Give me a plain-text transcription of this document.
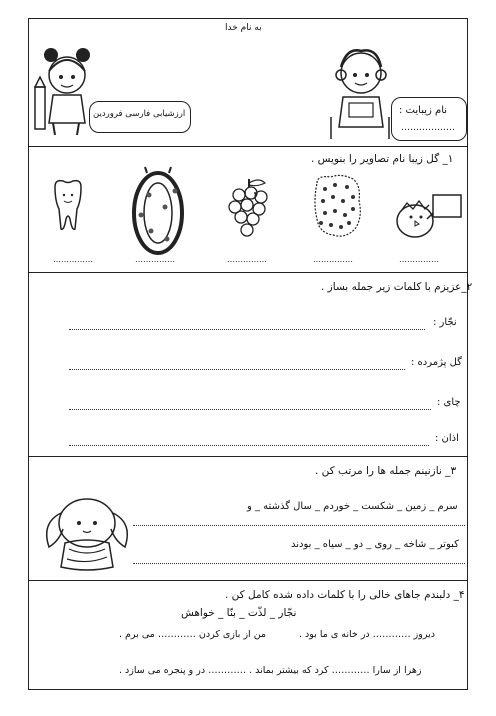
به نام خدا
ارزشیابی فارسی فروردین	نام زیبایت :
………………
۱_ گل زیبا نام تصاویر را بنویس .
……………	……………	……………	……………	……………
۲_عزیزم با کلمات زیر جمله بساز .
نجّار :
گل پژمرده :
چای :
اذان :
۳_ نازنینم جمله ها را مرتب کن .
سرم _ زمین _ شکست _ خوردم _ سال گذشته _ و
کبوتر _ شاخه _ روی _ دو _ سیاه _ بودند
۴_ دلبندم جاهای خالی را با کلمات داده شده کامل کن .
نجّار _ لذّت _ بنّا _ خواهش
دیروز ………… در خانه ی ما بود .
من از بازی کردن ………… می برم .
زهرا از سارا ………… کرد که بیشتر بماند . ………… در و پنجره می سازد .
